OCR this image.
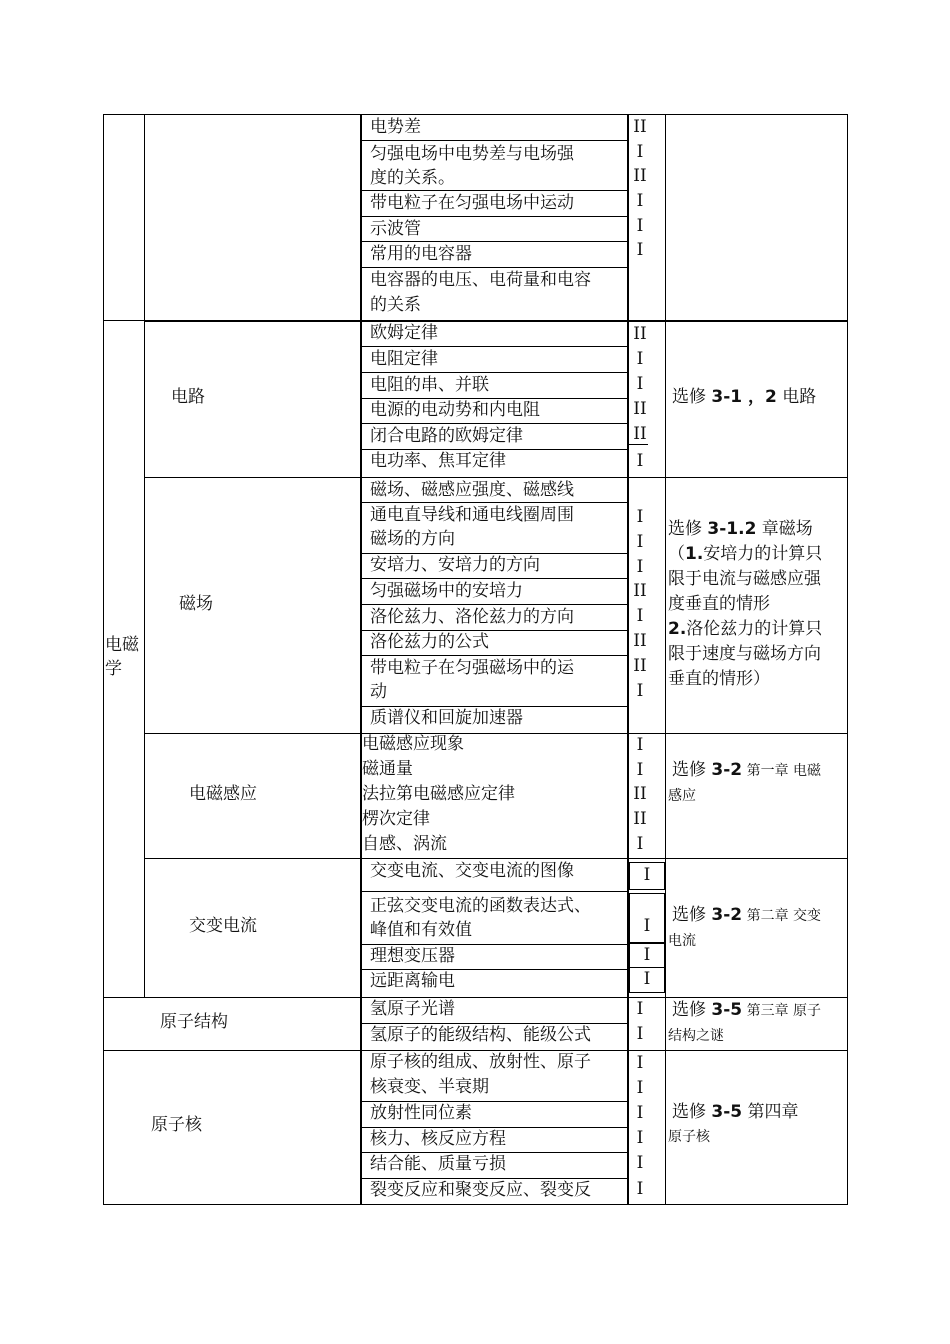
电势差
匀强电场中电势差与电场强
度的关系。
带电粒子在匀强电场中运动
示波管
常用的电容器
电容器的电压、电荷量和电容
的关系
II
I
II
I
I
I
电磁
学
电路
欧姆定律
电阻定律
电阻的串、并联
电源的电动势和内电阻
闭合电路的欧姆定律
电功率、焦耳定律
II
I
I
II
II
I
选修 3-1 ，2 电路
磁场
磁场、磁感应强度、磁感线
通电直导线和通电线圈周围
磁场的方向
安培力、安培力的方向
匀强磁场中的安培力
洛伦兹力、洛伦兹力的方向
洛伦兹力的公式
带电粒子在匀强磁场中的运
动
质谱仪和回旋加速器
I
I
I
II
I
II
II
I
选修 3-1.2 章磁场
（1.安培力的计算只
限于电流与磁感应强
度垂直的情形
2.洛伦兹力的计算只
限于速度与磁场方向
垂直的情形）
电磁感应
电磁感应现象
磁通量
法拉第电磁感应定律
楞次定律
自感、涡流
I
I
II
II
I
选修 3-2 第一章 电磁
感应
交变电流
交变电流、交变电流的图像
正弦交变电流的函数表达式、
峰值和有效值
理想变压器
远距离输电
I
I
I
I
选修 3-2 第二章 交变
电流
原子结构
氢原子光谱
氢原子的能级结构、能级公式
I
I
选修 3-5 第三章 原子
结构之谜
原子核
原子核的组成、放射性、原子
核衰变、半衰期
放射性同位素
核力、核反应方程
结合能、质量亏损
裂变反应和聚变反应、裂变反
I
I
I
I
I
I
选修 3-5 第四章
原子核
